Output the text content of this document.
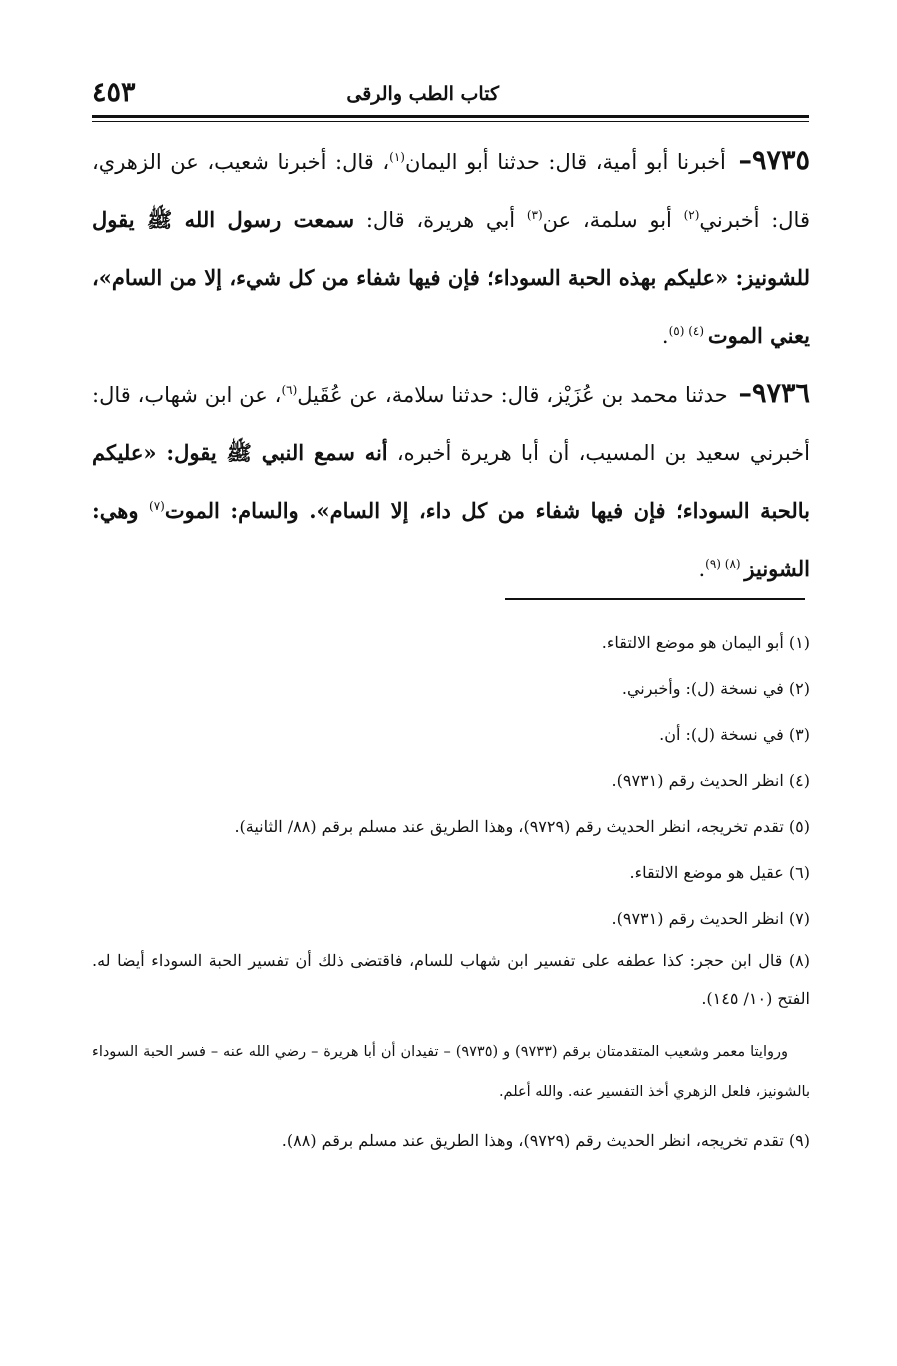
٤٥٣	كتاب الطب والرقى

٩٧٣٥– أخبرنا أبو أمية، قال: حدثنا أبو اليمان$^{(١)}$، قال: أخبرنا شعيب، عن الزهري، قال: أخبرني$^{(٢)}$ أبو سلمة، عن$^{(٣)}$ أبي هريرة، قال: سمعت رسول الله ﷺ يقول للشونيز: «عليكم بهذه الحبة السوداء؛ فإن فيها شفاء من كل شيء، إلا من السام»، يعني الموت $^{(٤) (٥)}$.

٩٧٣٦– حدثنا محمد بن عُزَيْز، قال: حدثنا سلامة، عن عُقَيل$^{(٦)}$، عن ابن شهاب، قال: أخبرني سعيد بن المسيب، أن أبا هريرة أخبره، أنه سمع النبي ﷺ يقول: «عليكم بالحبة السوداء؛ فإن فيها شفاء من كل داء، إلا السام». والسام: الموت$^{(٧)}$ وهي: الشونيز $^{(٨) (٩)}$.

(١) أبو اليمان هو موضع الالتقاء.

(٢) في نسخة (ل): وأخبرني.

(٣) في نسخة (ل): أن.

(٤) انظر الحديث رقم (٩٧٣١).

(٥) تقدم تخريجه، انظر الحديث رقم (٩٧٢٩)، وهذا الطريق عند مسلم برقم (٨٨/ الثانية).

(٦) عقيل هو موضع الالتقاء.

(٧) انظر الحديث رقم (٩٧٣١).

(٨) قال ابن حجر: كذا عطفه على تفسير ابن شهاب للسام، فاقتضى ذلك أن تفسير الحبة السوداء أيضا له. الفتح (١٠/ ١٤٥).

وروايتا معمر وشعيب المتقدمتان برقم (٩٧٣٣) و (٩٧٣٥) – تفيدان أن أبا هريرة – رضي الله عنه – فسر الحبة السوداء بالشونيز، فلعل الزهري أخذ التفسير عنه. والله أعلم.

(٩) تقدم تخريجه، انظر الحديث رقم (٩٧٢٩)، وهذا الطريق عند مسلم برقم (٨٨).
